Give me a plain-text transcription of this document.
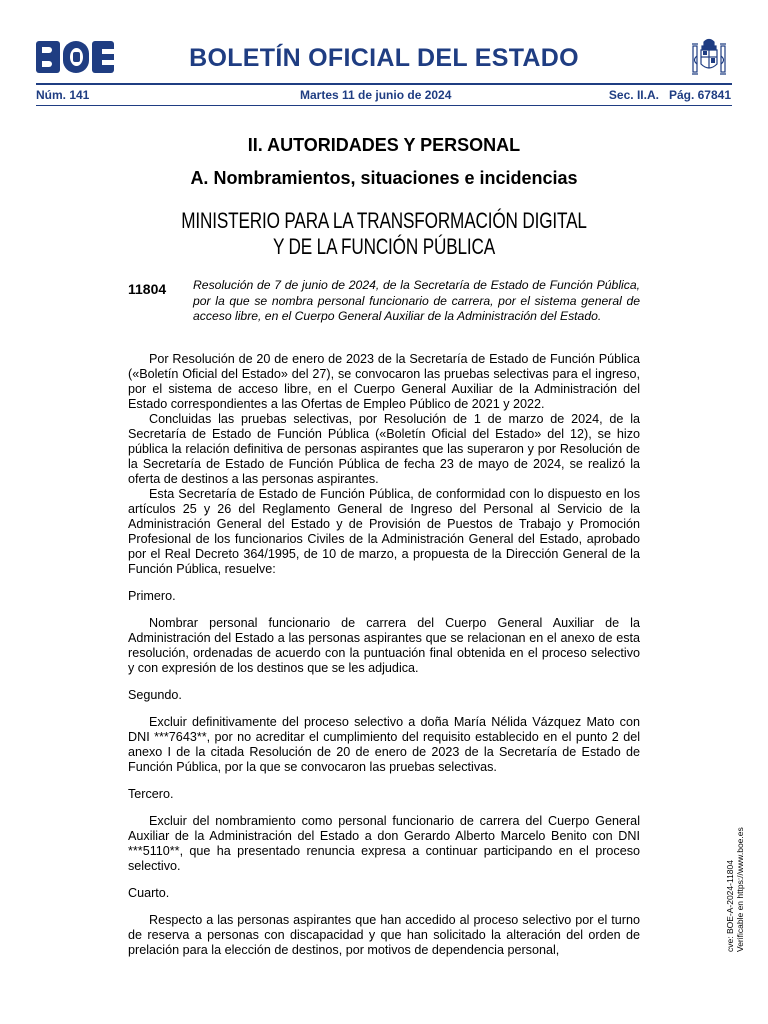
BOLETÍN OFICIAL DEL ESTADO
Núm. 141	Martes 11 de junio de 2024	Sec. II.A. Pág. 67841
II. AUTORIDADES Y PERSONAL
A. Nombramientos, situaciones e incidencias
MINISTERIO PARA LA TRANSFORMACIÓN DIGITAL
Y DE LA FUNCIÓN PÚBLICA
11804 Resolución de 7 de junio de 2024, de la Secretaría de Estado de Función Pública, por la que se nombra personal funcionario de carrera, por el sistema general de acceso libre, en el Cuerpo General Auxiliar de la Administración del Estado.

Por Resolución de 20 de enero de 2023 de la Secretaría de Estado de Función Pública («Boletín Oficial del Estado» del 27), se convocaron las pruebas selectivas para el ingreso, por el sistema de acceso libre, en el Cuerpo General Auxiliar de la Administración del Estado correspondientes a las Ofertas de Empleo Público de 2021 y 2022.

Concluidas las pruebas selectivas, por Resolución de 1 de marzo de 2024, de la Secretaría de Estado de Función Pública («Boletín Oficial del Estado» del 12), se hizo pública la relación definitiva de personas aspirantes que las superaron y por Resolución de la Secretaría de Estado de Función Pública de fecha 23 de mayo de 2024, se realizó la oferta de destinos a las personas aspirantes.

Esta Secretaría de Estado de Función Pública, de conformidad con lo dispuesto en los artículos 25 y 26 del Reglamento General de Ingreso del Personal al Servicio de la Administración General del Estado y de Provisión de Puestos de Trabajo y Promoción Profesional de los funcionarios Civiles de la Administración General del Estado, aprobado por el Real Decreto 364/1995, de 10 de marzo, a propuesta de la Dirección General de la Función Pública, resuelve:

Primero.

Nombrar personal funcionario de carrera del Cuerpo General Auxiliar de la Administración del Estado a las personas aspirantes que se relacionan en el anexo de esta resolución, ordenadas de acuerdo con la puntuación final obtenida en el proceso selectivo y con expresión de los destinos que se les adjudica.

Segundo.

Excluir definitivamente del proceso selectivo a doña María Nélida Vázquez Mato con DNI ***7643**, por no acreditar el cumplimiento del requisito establecido en el punto 2 del anexo I de la citada Resolución de 20 de enero de 2023 de la Secretaría de Estado de Función Pública, por la que se convocaron las pruebas selectivas.

Tercero.

Excluir del nombramiento como personal funcionario de carrera del Cuerpo General Auxiliar de la Administración del Estado a don Gerardo Alberto Marcelo Benito con DNI ***5110**, que ha presentado renuncia expresa a continuar participando en el proceso selectivo.

Cuarto.

Respecto a las personas aspirantes que han accedido al proceso selectivo por el turno de reserva a personas con discapacidad y que han solicitado la alteración del orden de prelación para la elección de destinos, por motivos de dependencia personal,	cve: BOE-A-2024-11804 Verificable en https://www.boe.es
